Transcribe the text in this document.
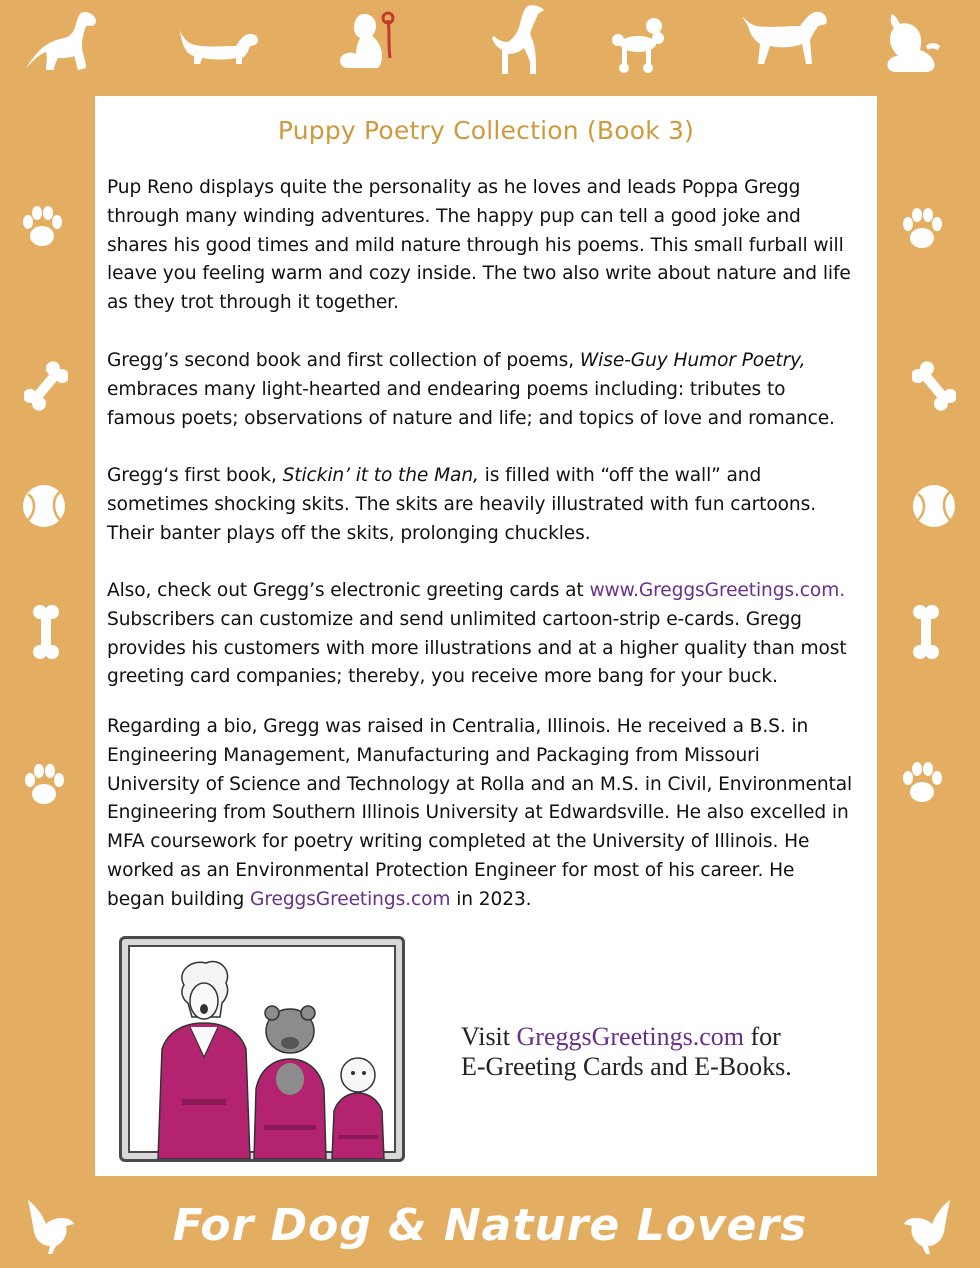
Puppy Poetry Collection (Book 3)

Pup Reno displays quite the personality as he loves and leads Poppa Gregg through many winding adventures. The happy pup can tell a good joke and shares his good times and mild nature through his poems. This small furball will leave you feeling warm and cozy inside. The two also write about nature and life as they trot through it together.

Gregg’s second book and first collection of poems, Wise-Guy Humor Poetry, embraces many light-hearted and endearing poems including: tributes to famous poets; observations of nature and life; and topics of love and romance.

Gregg‘s first book, Stickin’ it to the Man, is filled with “off the wall” and sometimes shocking skits. The skits are heavily illustrated with fun cartoons. Their banter plays off the skits, prolonging chuckles.

Also, check out Gregg’s electronic greeting cards at www.GreggsGreetings.com. Subscribers can customize and send unlimited cartoon-strip e-cards. Gregg provides his customers with more illustrations and at a higher quality than most greeting card companies; thereby, you receive more bang for your buck.

Regarding a bio, Gregg was raised in Centralia, Illinois. He received a B.S. in Engineering Management, Manufacturing and Packaging from Missouri University of Science and Technology at Rolla and an M.S. in Civil, Environmental Engineering from Southern Illinois University at Edwardsville. He also excelled in MFA coursework for poetry writing completed at the University of Illinois. He worked as an Environmental Protection Engineer for most of his career. He began building GreggsGreetings.com in 2023.

Visit GreggsGreetings.com for
E-Greeting Cards and E-Books.
For Dog & Nature Lovers
